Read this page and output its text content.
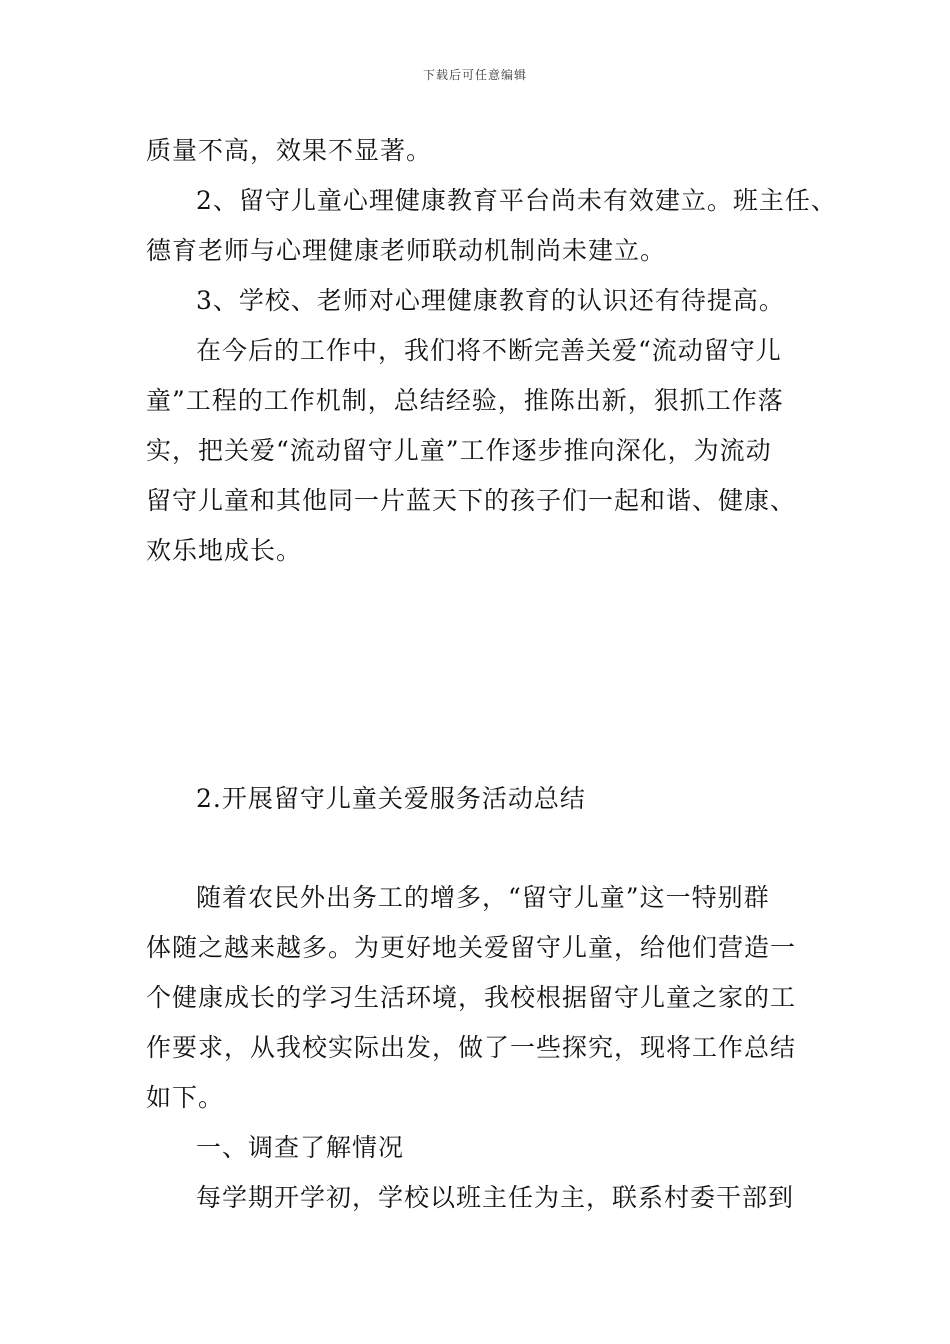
下载后可任意编辑
质量不高，效果不显著。
2、留守儿童心理健康教育平台尚未有效建立。班主任、
德育老师与心理健康老师联动机制尚未建立。
3、学校、老师对心理健康教育的认识还有待提高。
在今后的工作中，我们将不断完善关爱“流动留守儿
童”工程的工作机制，总结经验，推陈出新，狠抓工作落
实，把关爱“流动留守儿童”工作逐步推向深化，为流动
留守儿童和其他同一片蓝天下的孩子们一起和谐、健康、
欢乐地成长。
2.开展留守儿童关爱服务活动总结
随着农民外出务工的增多，“留守儿童”这一特别群
体随之越来越多。为更好地关爱留守儿童，给他们营造一
个健康成长的学习生活环境，我校根据留守儿童之家的工
作要求，从我校实际出发，做了一些探究，现将工作总结
如下。
一、调查了解情况
每学期开学初，学校以班主任为主，联系村委干部到
